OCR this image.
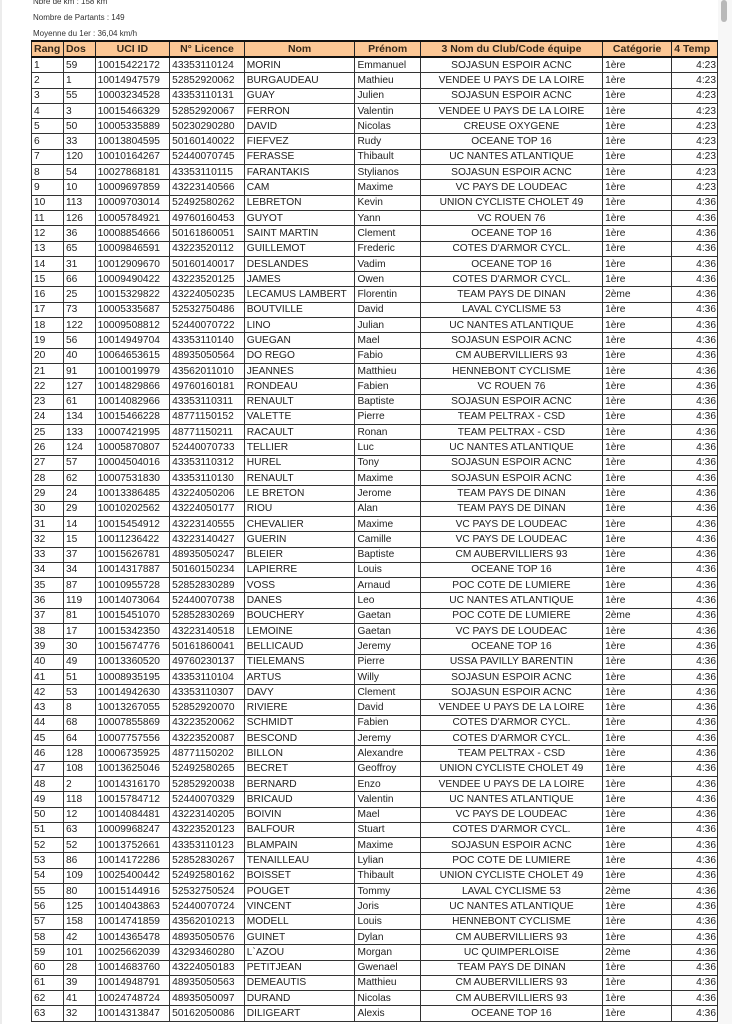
Nbre de km : 158 km
Nombre de Partants : 149
Moyenne du 1er : 36,04 km/h
Rang	Dos	UCI ID	N° Licence	Nom	Prénom	3 Nom du Club/Code équipe	Catégorie	4 Temp
1	59	10015422172	43353110124	MORIN	Emmanuel	SOJASUN ESPOIR ACNC	1ère	4:23
2	1	10014947579	52852920062	BURGAUDEAU	Mathieu	VENDEE U PAYS DE LA LOIRE	1ère	4:23
3	55	10003234528	43353110131	GUAY	Julien	SOJASUN ESPOIR ACNC	1ère	4:23
4	3	10015466329	52852920067	FERRON	Valentin	VENDEE U PAYS DE LA LOIRE	1ère	4:23
5	50	10005335889	50230290280	DAVID	Nicolas	CREUSE OXYGENE	1ère	4:23
6	33	10013804595	50160140022	FIEFVEZ	Rudy	OCEANE TOP 16	1ère	4:23
7	120	10010164267	52440070745	FERASSE	Thibault	UC NANTES ATLANTIQUE	1ère	4:23
8	54	10027868181	43353110115	FARANTAKIS	Stylianos	SOJASUN ESPOIR ACNC	1ère	4:23
9	10	10009697859	43223140566	CAM	Maxime	VC PAYS DE LOUDEAC	1ère	4:23
10	113	10009703014	52492580262	LEBRETON	Kevin	UNION CYCLISTE CHOLET 49	1ère	4:36
11	126	10005784921	49760160453	GUYOT	Yann	VC ROUEN 76	1ère	4:36
12	36	10008854666	50161860051	SAINT MARTIN	Clement	OCEANE TOP 16	1ère	4:36
13	65	10009846591	43223520112	GUILLEMOT	Frederic	COTES D'ARMOR CYCL.	1ère	4:36
14	31	10012909670	50160140017	DESLANDES	Vadim	OCEANE TOP 16	1ère	4:36
15	66	10009490422	43223520125	JAMES	Owen	COTES D'ARMOR CYCL.	1ère	4:36
16	25	10015329822	43224050235	LECAMUS LAMBERT	Florentin	TEAM PAYS DE DINAN	2ème	4:36
17	73	10005335687	52532750486	BOUTVILLE	David	LAVAL CYCLISME 53	1ère	4:36
18	122	10009508812	52440070722	LINO	Julian	UC NANTES ATLANTIQUE	1ère	4:36
19	56	10014949704	43353110140	GUEGAN	Mael	SOJASUN ESPOIR ACNC	1ère	4:36
20	40	10064653615	48935050564	DO REGO	Fabio	CM AUBERVILLIERS 93	1ère	4:36
21	91	10010019979	43562011010	JEANNES	Matthieu	HENNEBONT CYCLISME	1ère	4:36
22	127	10014829866	49760160181	RONDEAU	Fabien	VC ROUEN 76	1ère	4:36
23	61	10014082966	43353110311	RENAULT	Baptiste	SOJASUN ESPOIR ACNC	1ère	4:36
24	134	10015466228	48771150152	VALETTE	Pierre	TEAM PELTRAX - CSD	1ère	4:36
25	133	10007421995	48771150211	RACAULT	Ronan	TEAM PELTRAX - CSD	1ère	4:36
26	124	10005870807	52440070733	TELLIER	Luc	UC NANTES ATLANTIQUE	1ère	4:36
27	57	10004504016	43353110312	HUREL	Tony	SOJASUN ESPOIR ACNC	1ère	4:36
28	62	10007531830	43353110130	RENAULT	Maxime	SOJASUN ESPOIR ACNC	1ère	4:36
29	24	10013386485	43224050206	LE BRETON	Jerome	TEAM PAYS DE DINAN	1ère	4:36
30	29	10010202562	43224050177	RIOU	Alan	TEAM PAYS DE DINAN	1ère	4:36
31	14	10015454912	43223140555	CHEVALIER	Maxime	VC PAYS DE LOUDEAC	1ère	4:36
32	15	10011236422	43223140427	GUERIN	Camille	VC PAYS DE LOUDEAC	1ère	4:36
33	37	10015626781	48935050247	BLEIER	Baptiste	CM AUBERVILLIERS 93	1ère	4:36
34	34	10014317887	50160150234	LAPIERRE	Louis	OCEANE TOP 16	1ère	4:36
35	87	10010955728	52852830289	VOSS	Arnaud	POC COTE DE LUMIERE	1ère	4:36
36	119	10014073064	52440070738	DANES	Leo	UC NANTES ATLANTIQUE	1ère	4:36
37	81	10015451070	52852830269	BOUCHERY	Gaetan	POC COTE DE LUMIERE	2ème	4:36
38	17	10015342350	43223140518	LEMOINE	Gaetan	VC PAYS DE LOUDEAC	1ère	4:36
39	30	10015674776	50161860041	BELLICAUD	Jeremy	OCEANE TOP 16	1ère	4:36
40	49	10013360520	49760230137	TIELEMANS	Pierre	USSA PAVILLY BARENTIN	1ère	4:36
41	51	10008935195	43353110104	ARTUS	Willy	SOJASUN ESPOIR ACNC	1ère	4:36
42	53	10014942630	43353110307	DAVY	Clement	SOJASUN ESPOIR ACNC	1ère	4:36
43	8	10013267055	52852920070	RIVIERE	David	VENDEE U PAYS DE LA LOIRE	1ère	4:36
44	68	10007855869	43223520062	SCHMIDT	Fabien	COTES D'ARMOR CYCL.	1ère	4:36
45	64	10007757556	43223520087	BESCOND	Jeremy	COTES D'ARMOR CYCL.	1ère	4:36
46	128	10006735925	48771150202	BILLON	Alexandre	TEAM PELTRAX - CSD	1ère	4:36
47	108	10013625046	52492580265	BECRET	Geoffroy	UNION CYCLISTE CHOLET 49	1ère	4:36
48	2	10014316170	52852920038	BERNARD	Enzo	VENDEE U PAYS DE LA LOIRE	1ère	4:36
49	118	10015784712	52440070329	BRICAUD	Valentin	UC NANTES ATLANTIQUE	1ère	4:36
50	12	10014084481	43223140205	BOIVIN	Mael	VC PAYS DE LOUDEAC	1ère	4:36
51	63	10009968247	43223520123	BALFOUR	Stuart	COTES D'ARMOR CYCL.	1ère	4:36
52	52	10013752661	43353110123	BLAMPAIN	Maxime	SOJASUN ESPOIR ACNC	1ère	4:36
53	86	10014172286	52852830267	TENAILLEAU	Lylian	POC COTE DE LUMIERE	1ère	4:36
54	109	10025400442	52492580162	BOISSET	Thibault	UNION CYCLISTE CHOLET 49	1ère	4:36
55	80	10015144916	52532750524	POUGET	Tommy	LAVAL CYCLISME 53	2ème	4:36
56	125	10014043863	52440070724	VINCENT	Joris	UC NANTES ATLANTIQUE	1ère	4:36
57	158	10014741859	43562010213	MODELL	Louis	HENNEBONT CYCLISME	1ère	4:36
58	42	10014365478	48935050576	GUINET	Dylan	CM AUBERVILLIERS 93	1ère	4:36
59	101	10025662039	43293460280	L`AZOU	Morgan	UC QUIMPERLOISE	2ème	4:36
60	28	10014683760	43224050183	PETITJEAN	Gwenael	TEAM PAYS DE DINAN	1ère	4:36
61	39	10014948791	48935050563	DEMEAUTIS	Matthieu	CM AUBERVILLIERS 93	1ère	4:36
62	41	10024748724	48935050097	DURAND	Nicolas	CM AUBERVILLIERS 93	1ère	4:36
63	32	10014313847	50162050086	DILIGEART	Alexis	OCEANE TOP 16	1ère	4:36
